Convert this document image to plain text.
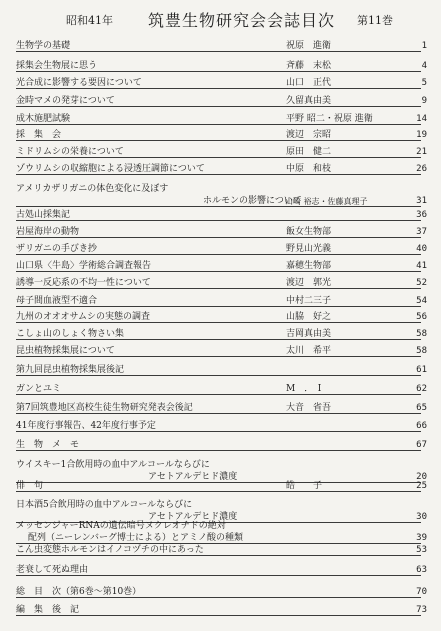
昭和41年 筑豊生物研究会会誌目次 第11巻
生物学の基礎	祝原　進衛	1
採集会生物展に思う	斉藤　末松	4
光合成に影響する要因について	山口　正代	5
金時マメの発芽について	久留真由美	9
成木施肥試験	平野 昭二・祝原 進衛	14
採　集　会	渡辺　宗昭	19
ミドリムシの栄養について	原田　健二	21
ゾウリムシの収縮胞による浸透圧調節について	中原　和枝	26
アメリカザリガニの体色変化に及ぼす
ホルモンの影響について
山崎 裕志・佐藤真理子	31
古処山採集記	36
岩屋海岸の動物	飯女生物部	37
ザリガニの手びき抄	野見山光義	40
山口県〈牛島〉学術総合調査報告	嘉穂生物部	41
誘導一反応系の不均一性について	渡辺　郭光	52
母子間血液型不適合	中村二三子	54
九州のオオオサムシの実態の調査	山脇　好之	56
こしょ山のしょく物さい集	吉岡真由美	58
昆虫植物採集展について	太川　希平	58
第九回昆虫植物採集展後記	61
ガンとユミ	M　．　I	62
第7回筑豊地区高校生徒生物研究発表会後記	大音　省吾	65
41年度行事報告、42年度行事予定	66
生　物　メ　モ	67
ウイスキー1合飲用時の血中アルコールならびに
アセトアルデヒド濃度	20
俳　句	皓　　子	25
日本酒5合飲用時の血中アルコールならびに
アセトアルデヒド濃度	30
メッセンジャーRNAの遺伝暗号ヌクレオチドの絶対
配列（ニーレンバーグ博士による）とアミノ酸の種類	39
こん虫変態ホルモンはイノコヅチの中にあった	53
老衰して死ぬ理由	63
総　目　次（第6巻〜第10巻）	70
編　集　後　記	73
